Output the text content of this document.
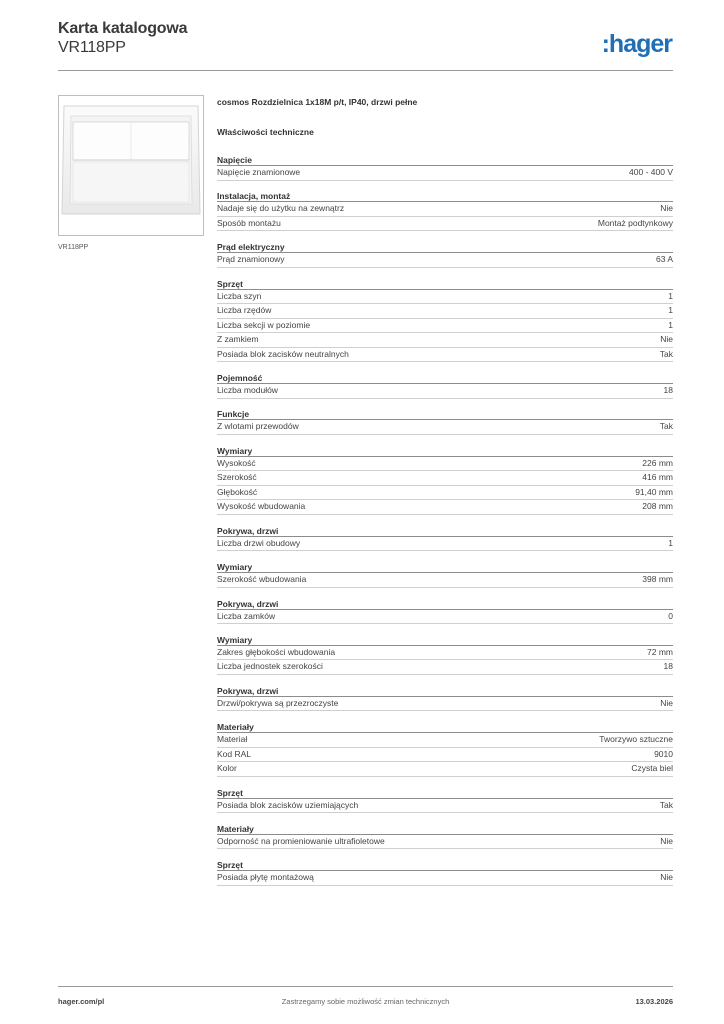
Karta katalogowa
VR118PP	:hager
VR118PP
cosmos Rozdzielnica 1x18M p/t, IP40, drzwi pełne
Właściwości techniczne
Napięcie
Napięcie znamionowe	400 - 400 V
Instalacja, montaż
Nadaje się do użytku na zewnątrz	Nie
Sposób montażu	Montaż podtynkowy
Prąd elektryczny
Prąd znamionowy	63 A
Sprzęt
Liczba szyn	1
Liczba rzędów	1
Liczba sekcji w poziomie	1
Z zamkiem	Nie
Posiada blok zacisków neutralnych	Tak
Pojemność
Liczba modułów	18
Funkcje
Z wlotami przewodów	Tak
Wymiary
Wysokość	226 mm
Szerokość	416 mm
Głębokość	91,40 mm
Wysokość wbudowania	208 mm
Pokrywa, drzwi
Liczba drzwi obudowy	1
Wymiary
Szerokość wbudowania	398 mm
Pokrywa, drzwi
Liczba zamków	0
Wymiary
Zakres głębokości wbudowania	72 mm
Liczba jednostek szerokości	18
Pokrywa, drzwi
Drzwi/pokrywa są przezroczyste	Nie
Materiały
Materiał	Tworzywo sztuczne
Kod RAL	9010
Kolor	Czysta biel
Sprzęt
Posiada blok zacisków uziemiających	Tak
Materiały
Odporność na promieniowanie ultrafioletowe	Nie
Sprzęt
Posiada płytę montażową	Nie
hager.com/pl	Zastrzegamy sobie możliwość zmian technicznych	13.03.2026
